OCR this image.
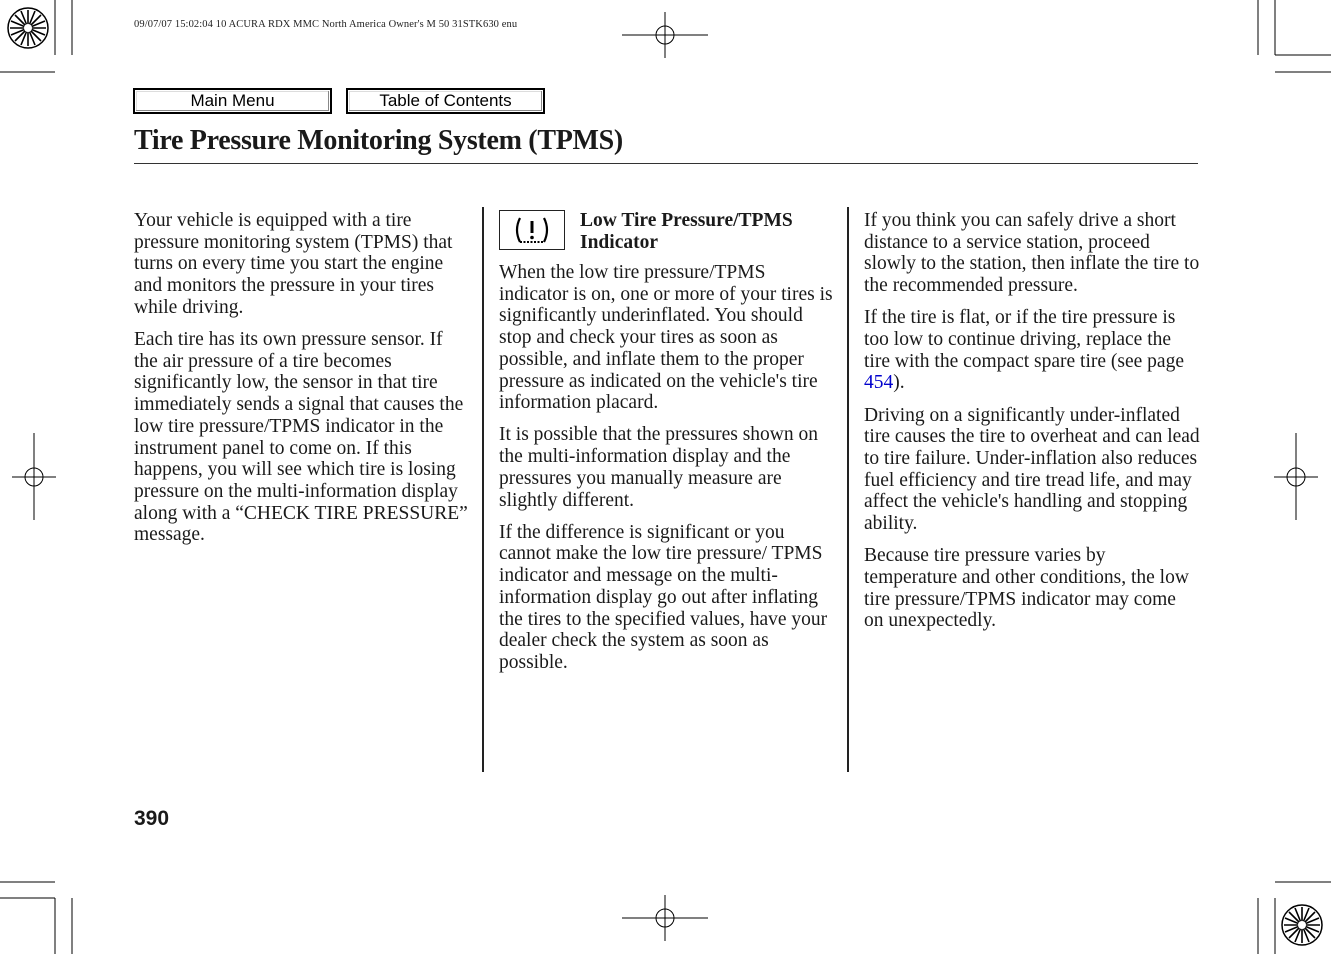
09/07/07 15:02:04 10 ACURA RDX MMC North America Owner's M 50 31STK630 enu
Main Menu	Table of Contents
Tire Pressure Monitoring System (TPMS)

Your vehicle is equipped with a tire pressure monitoring system (TPMS) that turns on every time you start the engine and monitors the pressure in your tires while driving.

Each tire has its own pressure sensor. If the air pressure of a tire becomes significantly low, the sensor in that tire immediately sends a signal that causes the low tire pressure/TPMS indicator in the instrument panel to come on. If this happens, you will see which tire is losing pressure on the multi-information display along with a “CHECK TIRE PRESSURE” message.

Low Tire Pressure/TPMS Indicator

When the low tire pressure/TPMS indicator is on, one or more of your tires is significantly underinflated. You should stop and check your tires as soon as possible, and inflate them to the proper pressure as indicated on the vehicle's tire information placard.

It is possible that the pressures shown on the multi-information display and the pressures you manually measure are slightly different.

If the difference is significant or you cannot make the low tire pressure/ TPMS indicator and message on the multi-information display go out after inflating the tires to the specified values, have your dealer check the system as soon as possible.

If you think you can safely drive a short distance to a service station, proceed slowly to the station, then inflate the tire to the recommended pressure.

If the tire is flat, or if the tire pressure is too low to continue driving, replace the tire with the compact spare tire (see page 454).

Driving on a significantly under-inflated tire causes the tire to overheat and can lead to tire failure. Under-inflation also reduces fuel efficiency and tire tread life, and may affect the vehicle's handling and stopping ability.

Because tire pressure varies by temperature and other conditions, the low tire pressure/TPMS indicator may come on unexpectedly.

390
